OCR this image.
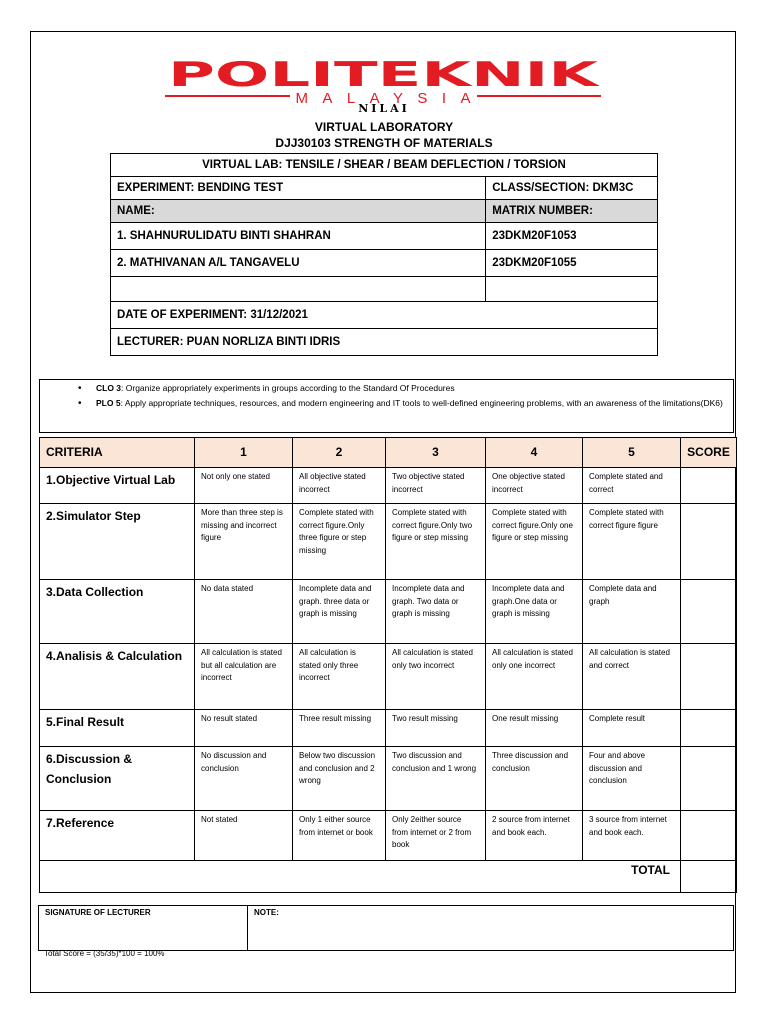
POLITEKNIK
MALAYSIA
NILAI
VIRTUAL LABORATORY
DJJ30103 STRENGTH OF MATERIALS
VIRTUAL LAB: TENSILE / SHEAR / BEAM DEFLECTION / TORSION	
EXPERIMENT: BENDING TEST	CLASS/SECTION: DKM3C
NAME:	MATRIX NUMBER:
1. SHAHNURULIDATU BINTI SHAHRAN	23DKM20F1053
2. MATHIVANAN A/L TANGAVELU	23DKM20F1055

DATE OF EXPERIMENT: 31/12/2021	
LECTURER: PUAN NORLIZA BINTI IDRIS	
• CLO 3: Organize appropriately experiments in groups according to the Standard Of Procedures
• PLO 5: Apply appropriate techniques, resources, and modern engineering and IT tools to well-defined engineering problems, with an awareness of the limitations(DK6)
CRITERIA	1	2	3	4	5	SCORE
1.Objective Virtual Lab	Not only one stated	All objective stated incorrect	Two objective stated incorrect	One objective stated incorrect	Complete stated and correct	
2.Simulator Step	More than three step is missing and incorrect figure	Complete stated with correct figure.Only three figure or step missing	Complete stated with correct figure.Only two figure or step missing	Complete stated with correct figure.Only one figure or step missing	Complete stated with correct figure figure	
3.Data Collection	No data stated	Incomplete data and graph. three data or graph is missing	Incomplete data and graph. Two data or graph is missing	Incomplete data and graph.One data or graph is missing	Complete data and graph	
4.Analisis & Calculation	All calculation is stated but all calculation are incorrect	All calculation is stated only three incorrect	All calculation is stated only two incorrect	All calculation is stated only one incorrect	All calculation is stated and correct	
5.Final Result	No result stated	Three result missing	Two result missing	One result missing	Complete result	
6.Discussion & Conclusion	No discussion and conclusion	Below two discussion and conclusion and 2 wrong	Two discussion and conclusion and 1 wrong	Three discussion and conclusion	Four and above discussion and conclusion	
7.Reference	Not stated	Only 1 either source from internet or book	Only 2either source from internet or 2 from book	2 source from internet and book each.	3 source from internet and book each.	
TOTAL						
SIGNATURE OF LECTURER	NOTE:
Total Score = (35/35)*100 = 100%
